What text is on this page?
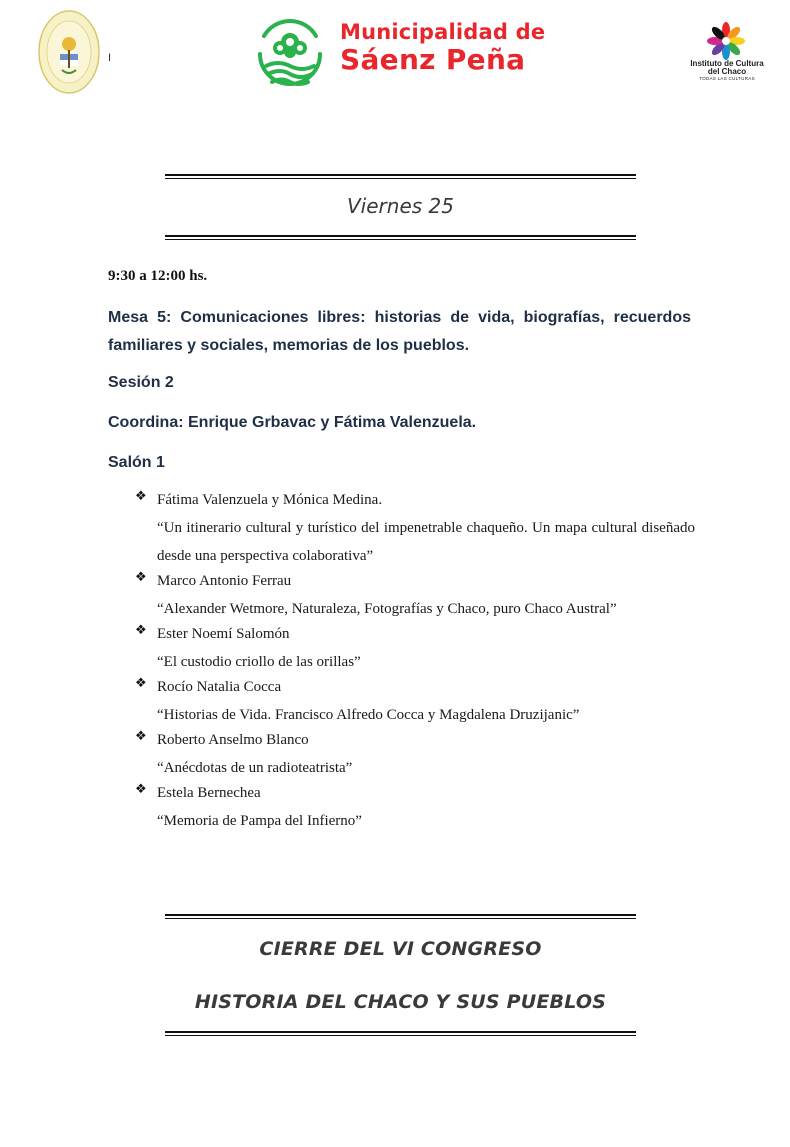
I
Municipalidad de
Sáenz Peña	Instituto de Cultura
del Chaco
TODAS LAS CULTURAS
Viernes 25
9:30 a 12:00 hs.
Mesa 5: Comunicaciones libres: historias de vida, biografías, recuerdos
familiares y sociales, memorias de los pueblos.
Sesión 2
Coordina: Enrique Grbavac y Fátima Valenzuela.
Salón 1
❖ Fátima Valenzuela y Mónica Medina.
“Un itinerario cultural y turístico del impenetrable chaqueño. Un mapa cultural diseñado desde una perspectiva colaborativa”
❖ Marco Antonio Ferrau
“Alexander Wetmore, Naturaleza, Fotografías y Chaco, puro Chaco Austral”
❖ Ester Noemí Salomón
“El custodio criollo de las orillas”
❖ Rocío Natalia Cocca
“Historias de Vida. Francisco Alfredo Cocca y Magdalena Druzijanic”
❖ Roberto Anselmo Blanco
“Anécdotas de un radioteatrista”
❖ Estela Bernechea
“Memoria de Pampa del Infierno”
CIERRE DEL VI CONGRESO
HISTORIA DEL CHACO Y SUS PUEBLOS
